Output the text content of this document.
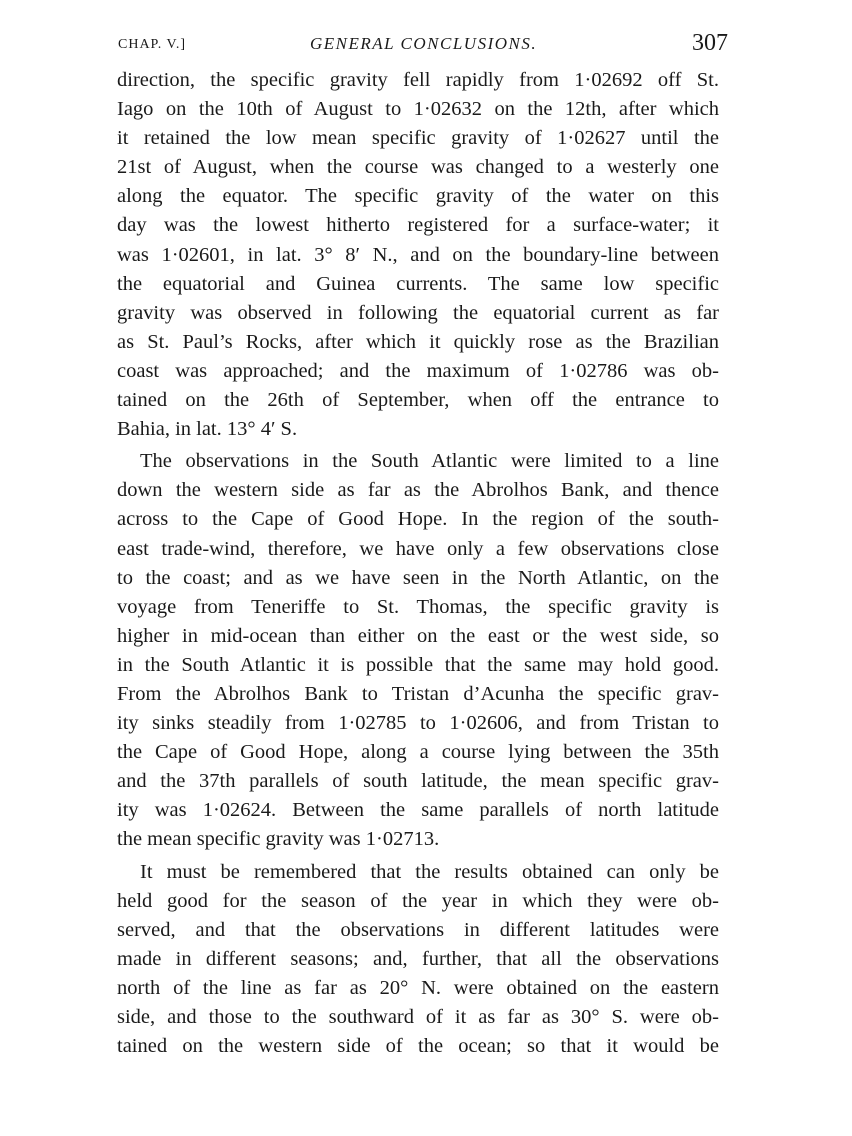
CHAP. V.]	GENERAL CONCLUSIONS.	307
direction, the specific gravity fell rapidly from 1·02692 off St.
Iago on the 10th of August to 1·02632 on the 12th, after which
it retained the low mean specific gravity of 1·02627 until the
21st of August, when the course was changed to a westerly one
along the equator. The specific gravity of the water on this
day was the lowest hitherto registered for a surface-water; it
was 1·02601, in lat. 3° 8′ N., and on the boundary-line between
the equatorial and Guinea currents. The same low specific
gravity was observed in following the equatorial current as far
as St. Paul’s Rocks, after which it quickly rose as the Brazilian
coast was approached; and the maximum of 1·02786 was ob-
tained on the 26th of September, when off the entrance to
Bahia, in lat. 13° 4′ S.
The observations in the South Atlantic were limited to a line
down the western side as far as the Abrolhos Bank, and thence
across to the Cape of Good Hope. In the region of the south-
east trade-wind, therefore, we have only a few observations close
to the coast; and as we have seen in the North Atlantic, on the
voyage from Teneriffe to St. Thomas, the specific gravity is
higher in mid-ocean than either on the east or the west side, so
in the South Atlantic it is possible that the same may hold good.
From the Abrolhos Bank to Tristan d’Acunha the specific grav-
ity sinks steadily from 1·02785 to 1·02606, and from Tristan to
the Cape of Good Hope, along a course lying between the 35th
and the 37th parallels of south latitude, the mean specific grav-
ity was 1·02624. Between the same parallels of north latitude
the mean specific gravity was 1·02713.
It must be remembered that the results obtained can only be
held good for the season of the year in which they were ob-
served, and that the observations in different latitudes were
made in different seasons; and, further, that all the observations
north of the line as far as 20° N. were obtained on the eastern
side, and those to the southward of it as far as 30° S. were ob-
tained on the western side of the ocean; so that it would be
